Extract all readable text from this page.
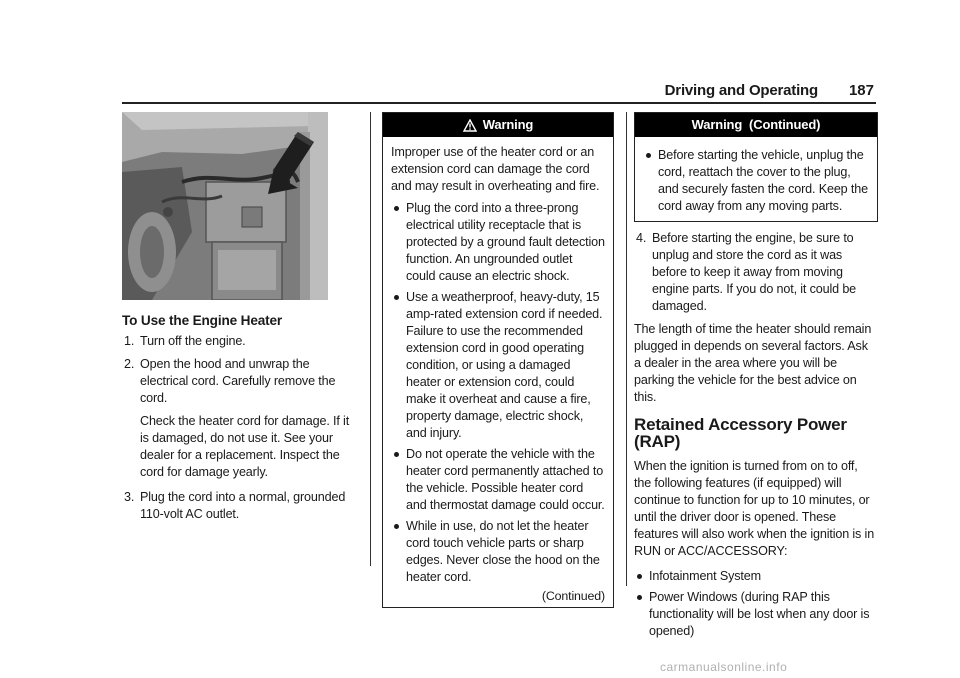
Driving and Operating 187
To Use the Engine Heater
1. Turn off the engine.
2. Open the hood and unwrap the electrical cord. Carefully remove the cord.

Check the heater cord for damage. If it is damaged, do not use it. See your dealer for a replacement. Inspect the cord for damage yearly.

3. Plug the cord into a normal, grounded 110-volt AC outlet.
Warning

Improper use of the heater cord or an extension cord can damage the cord and may result in overheating and fire.

Plug the cord into a three-prong electrical utility receptacle that is protected by a ground fault detection function. An ungrounded outlet could cause an electric shock.
Use a weatherproof, heavy-duty, 15 amp-rated extension cord if needed. Failure to use the recommended extension cord in good operating condition, or using a damaged heater or extension cord, could make it overheat and cause a fire, property damage, electric shock, and injury.
Do not operate the vehicle with the heater cord permanently attached to the vehicle. Possible heater cord and thermostat damage could occur.
While in use, do not let the heater cord touch vehicle parts or sharp edges. Never close the hood on the heater cord.
(Continued)
Warning  (Continued)
Before starting the vehicle, unplug the cord, reattach the cover to the plug, and securely fasten the cord. Keep the cord away from any moving parts.
4. Before starting the engine, be sure to unplug and store the cord as it was before to keep it away from moving engine parts. If you do not, it could be damaged.

The length of time the heater should remain plugged in depends on several factors. Ask a dealer in the area where you will be parking the vehicle for the best advice on this.

Retained Accessory Power (RAP)

When the ignition is turned from on to off, the following features (if equipped) will continue to function for up to 10 minutes, or until the driver door is opened. These features will also work when the ignition is in RUN or ACC/ACCESSORY:

Infotainment System
Power Windows (during RAP this functionality will be lost when any door is opened)
carmanualsonline.info
